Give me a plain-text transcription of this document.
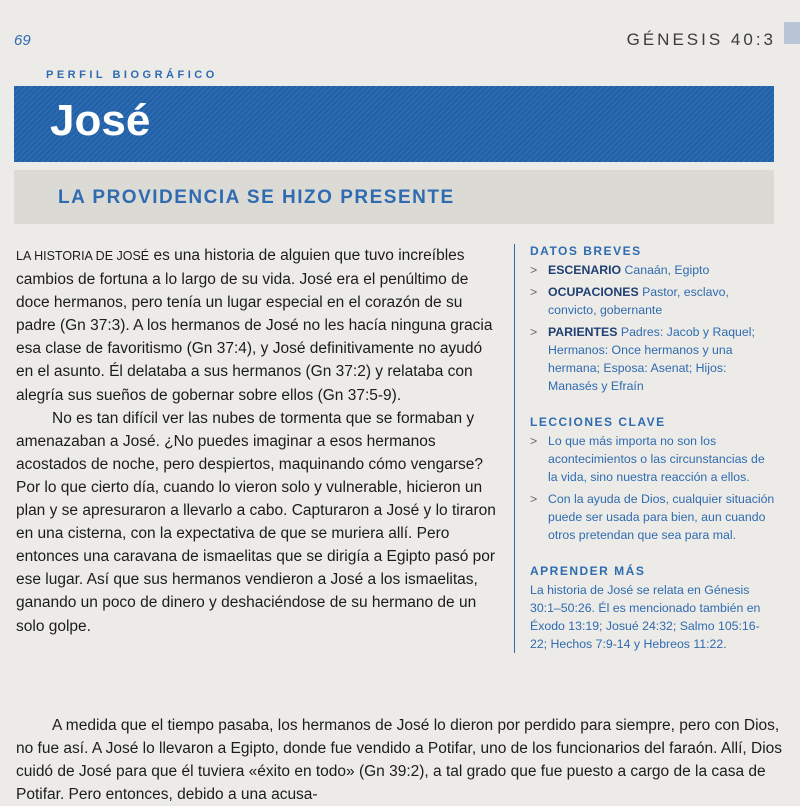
69	GÉNESIS 40:3
PERFIL BIOGRÁFICO
José
LA PROVIDENCIA SE HIZO PRESENTE

LA HISTORIA DE JOSÉ es una historia de alguien que tuvo increíbles cambios de fortuna a lo largo de su vida. José era el penúltimo de doce hermanos, pero tenía un lugar especial en el corazón de su padre (Gn 37:3). A los hermanos de José no les hacía ninguna gracia esa clase de favoritismo (Gn 37:4), y José definitivamente no ayudó en el asunto. Él delataba a sus hermanos (Gn 37:2) y relataba con alegría sus sueños de gobernar sobre ellos (Gn 37:5-9).

No es tan difícil ver las nubes de tormenta que se formaban y amenazaban a José. ¿No puedes imaginar a esos hermanos acostados de noche, pero despiertos, maquinando cómo vengarse? Por lo que cierto día, cuando lo vieron solo y vulnerable, hicieron un plan y se apresuraron a llevarlo a cabo. Capturaron a José y lo tiraron en una cisterna, con la expectativa de que se muriera allí. Pero entonces una caravana de ismaelitas que se dirigía a Egipto pasó por ese lugar. Así que sus hermanos vendieron a José a los ismaelitas, ganando un poco de dinero y deshaciéndose de su hermano de un solo golpe.

DATOS BREVES
> ESCENARIO Canaán, Egipto
> OCUPACIONES Pastor, esclavo, convicto, gobernante
> PARIENTES Padres: Jacob y Raquel; Hermanos: Once hermanos y una hermana; Esposa: Asenat; Hijos: Manasés y Efraín
LECCIONES CLAVE
> Lo que más importa no son los acontecimientos o las circunstancias de la vida, sino nuestra reacción a ellos.
> Con la ayuda de Dios, cualquier situación puede ser usada para bien, aun cuando otros pretendan que sea para mal.
APRENDER MÁS
La historia de José se relata en Génesis 30:1–50:26. Él es mencionado también en Éxodo 13:19; Josué 24:32; Salmo 105:16-22; Hechos 7:9-14 y Hebreos 11:22.

A medida que el tiempo pasaba, los hermanos de José lo dieron por perdido para siempre, pero con Dios, no fue así. A José lo llevaron a Egipto, donde fue vendido a Potifar, uno de los funcionarios del faraón. Allí, Dios cuidó de José para que él tuviera «éxito en todo» (Gn 39:2), a tal grado que fue puesto a cargo de la casa de Potifar. Pero entonces, debido a una acusa-
